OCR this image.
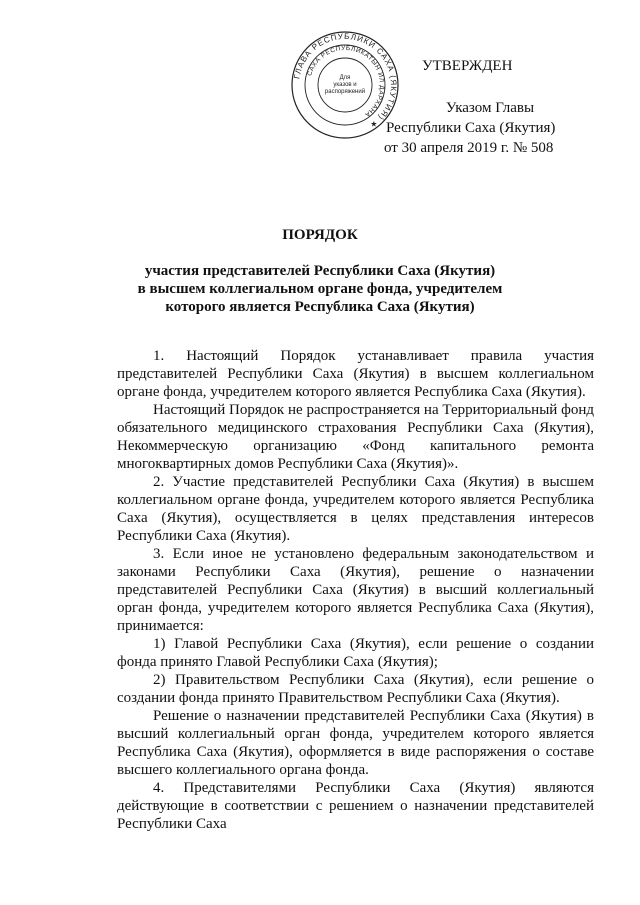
ГЛАВА РЕСПУБЛИКИ САХА (ЯКУТИЯ) ★
САХА РЕСПУБЛИКАТЫН ИЛ ДАРХАНА
Для
указов и
распоряжений
УТВЕРЖДЕН
Указом Главы
Республики Саха (Якутия)
от 30 апреля 2019 г. № 508
ПОРЯДОК
участия представителей Республики Саха (Якутия)
в высшем коллегиальном органе фонда, учредителем
которого является Республика Саха (Якутия)

1. Настоящий Порядок устанавливает правила участия представителей Республики Саха (Якутия) в высшем коллегиальном органе фонда, учредителем которого является Республика Саха (Якутия).

Настоящий Порядок не распространяется на Территориальный фонд обязательного медицинского страхования Республики Саха (Якутия), Некоммерческую организацию «Фонд капитального ремонта многоквартирных домов Республики Саха (Якутия)».

2. Участие представителей Республики Саха (Якутия) в высшем коллегиальном органе фонда, учредителем которого является Республика Саха (Якутия), осуществляется в целях представления интересов Республики Саха (Якутия).

3. Если иное не установлено федеральным законодательством и законами Республики Саха (Якутия), решение о назначении представителей Республики Саха (Якутия) в высший коллегиальный орган фонда, учредителем которого является Республика Саха (Якутия), принимается:

1) Главой Республики Саха (Якутия), если решение о создании фонда принято Главой Республики Саха (Якутия);

2) Правительством Республики Саха (Якутия), если решение о создании фонда принято Правительством Республики Саха (Якутия).

Решение о назначении представителей Республики Саха (Якутия) в высший коллегиальный орган фонда, учредителем которого является Республика Саха (Якутия), оформляется в виде распоряжения о составе высшего коллегиального органа фонда.

4. Представителями Республики Саха (Якутия) являются действующие в соответствии с решением о назначении представителей Республики Саха
